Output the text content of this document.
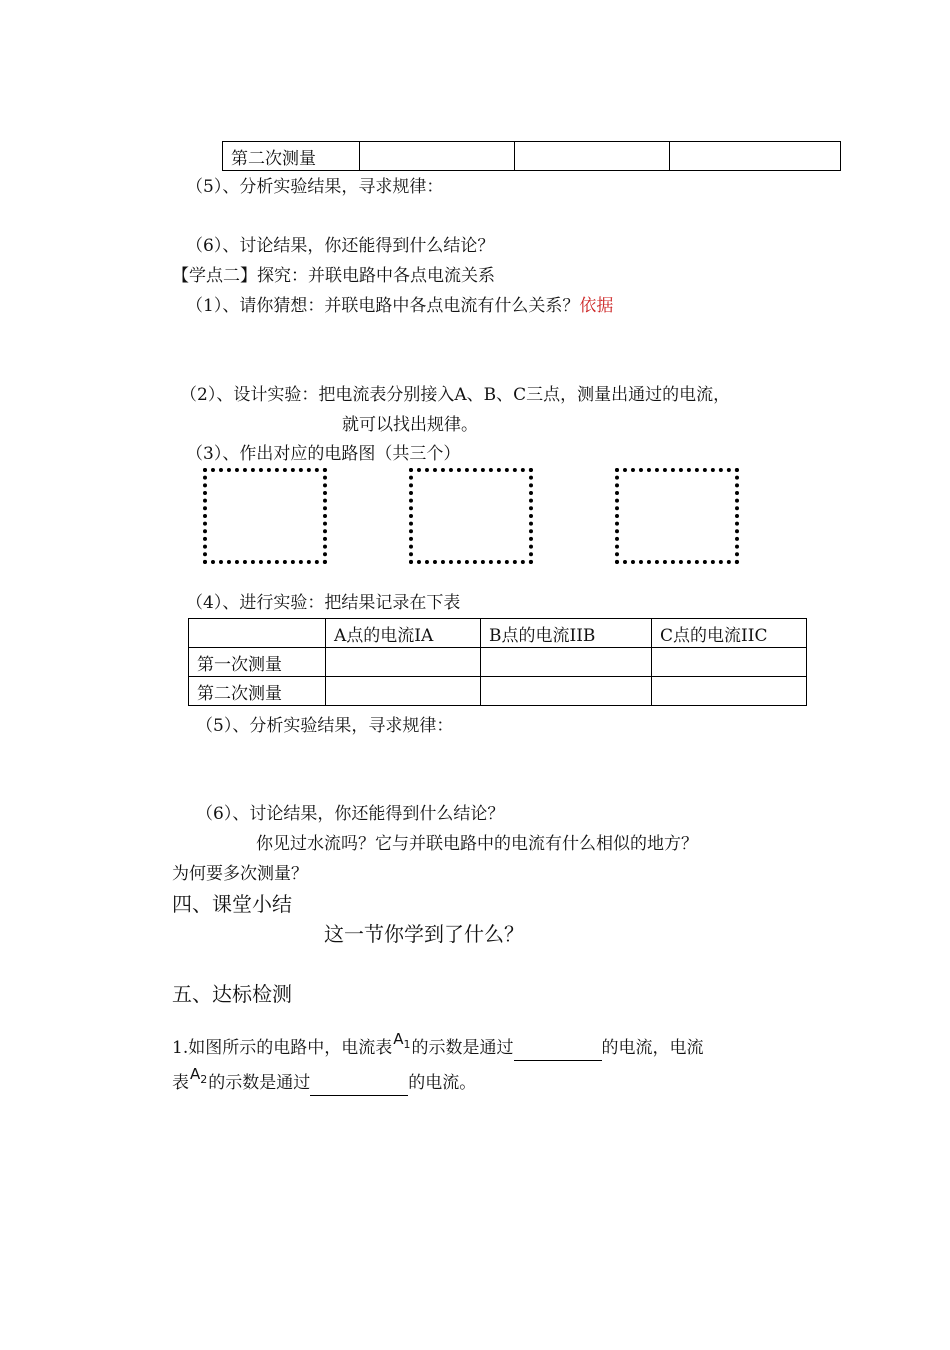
第二次测量			
（5）、分析实验结果，寻求规律：
（6）、讨论结果，你还能得到什么结论？
【学点二】探究：并联电路中各点电流关系
（1）、请你猜想：并联电路中各点电流有什么关系？依据
（2）、设计实验：把电流表分别接入A、B、C三点，测量出通过的电流，
就可以找出规律。
（3）、作出对应的电路图（共三个）
（4）、进行实验：把结果记录在下表
	A点的电流IA	B点的电流IIB	C点的电流IIC
第一次测量			
第二次测量			
（5）、分析实验结果，寻求规律：
（6）、讨论结果，你还能得到什么结论？
你见过水流吗？它与并联电路中的电流有什么相似的地方？
为何要多次测量？
四、课堂小结
这一节你学到了什么？
五、达标检测
1.如图所示的电路中，电流表$A_1$的示数是通过	的电流，电流
表$A_2$的示数是通过	的电流。
